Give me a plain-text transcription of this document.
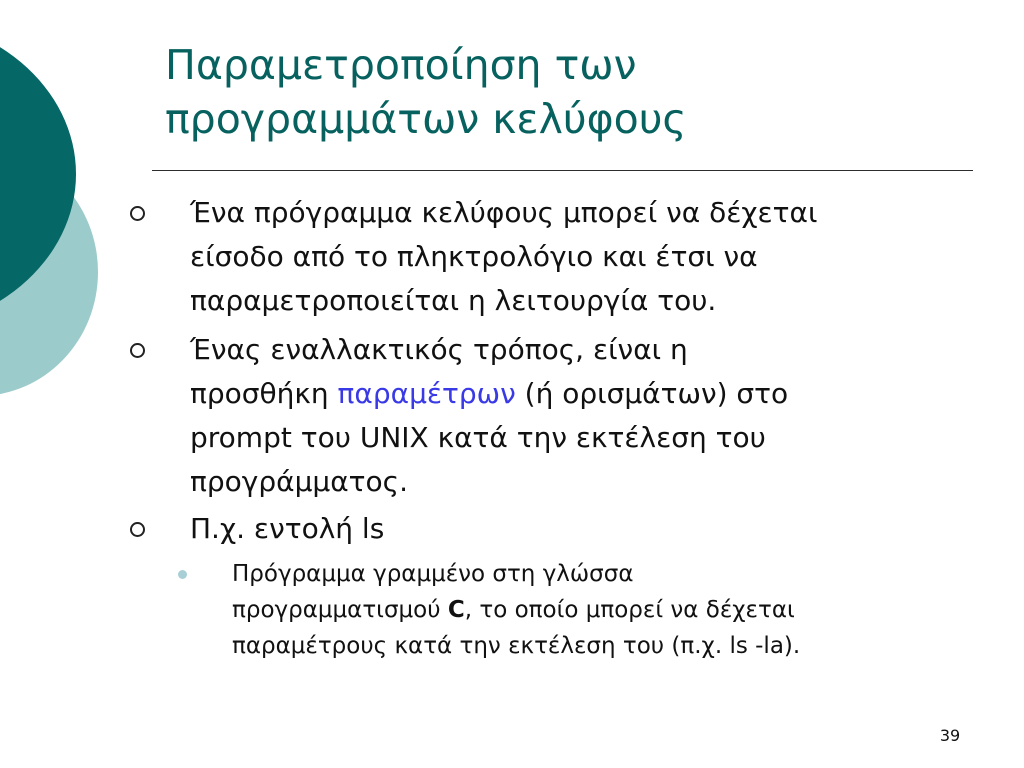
Παραμετροποίηση των
προγραμμάτων κελύφους
Ένα πρόγραμμα κελύφους μπορεί να δέχεται
είσοδο από το πληκτρολόγιο και έτσι να
παραμετροποιείται η λειτουργία του.
Ένας εναλλακτικός τρόπος, είναι η
προσθήκη παραμέτρων (ή ορισμάτων) στο
prompt του UNIX κατά την εκτέλεση του
προγράμματος.
Π.χ. εντολή ls
Πρόγραμμα γραμμένο στη γλώσσα
προγραμματισμού C, το οποίο μπορεί να δέχεται
παραμέτρους κατά την εκτέλεση του (π.χ. ls -la).
39
